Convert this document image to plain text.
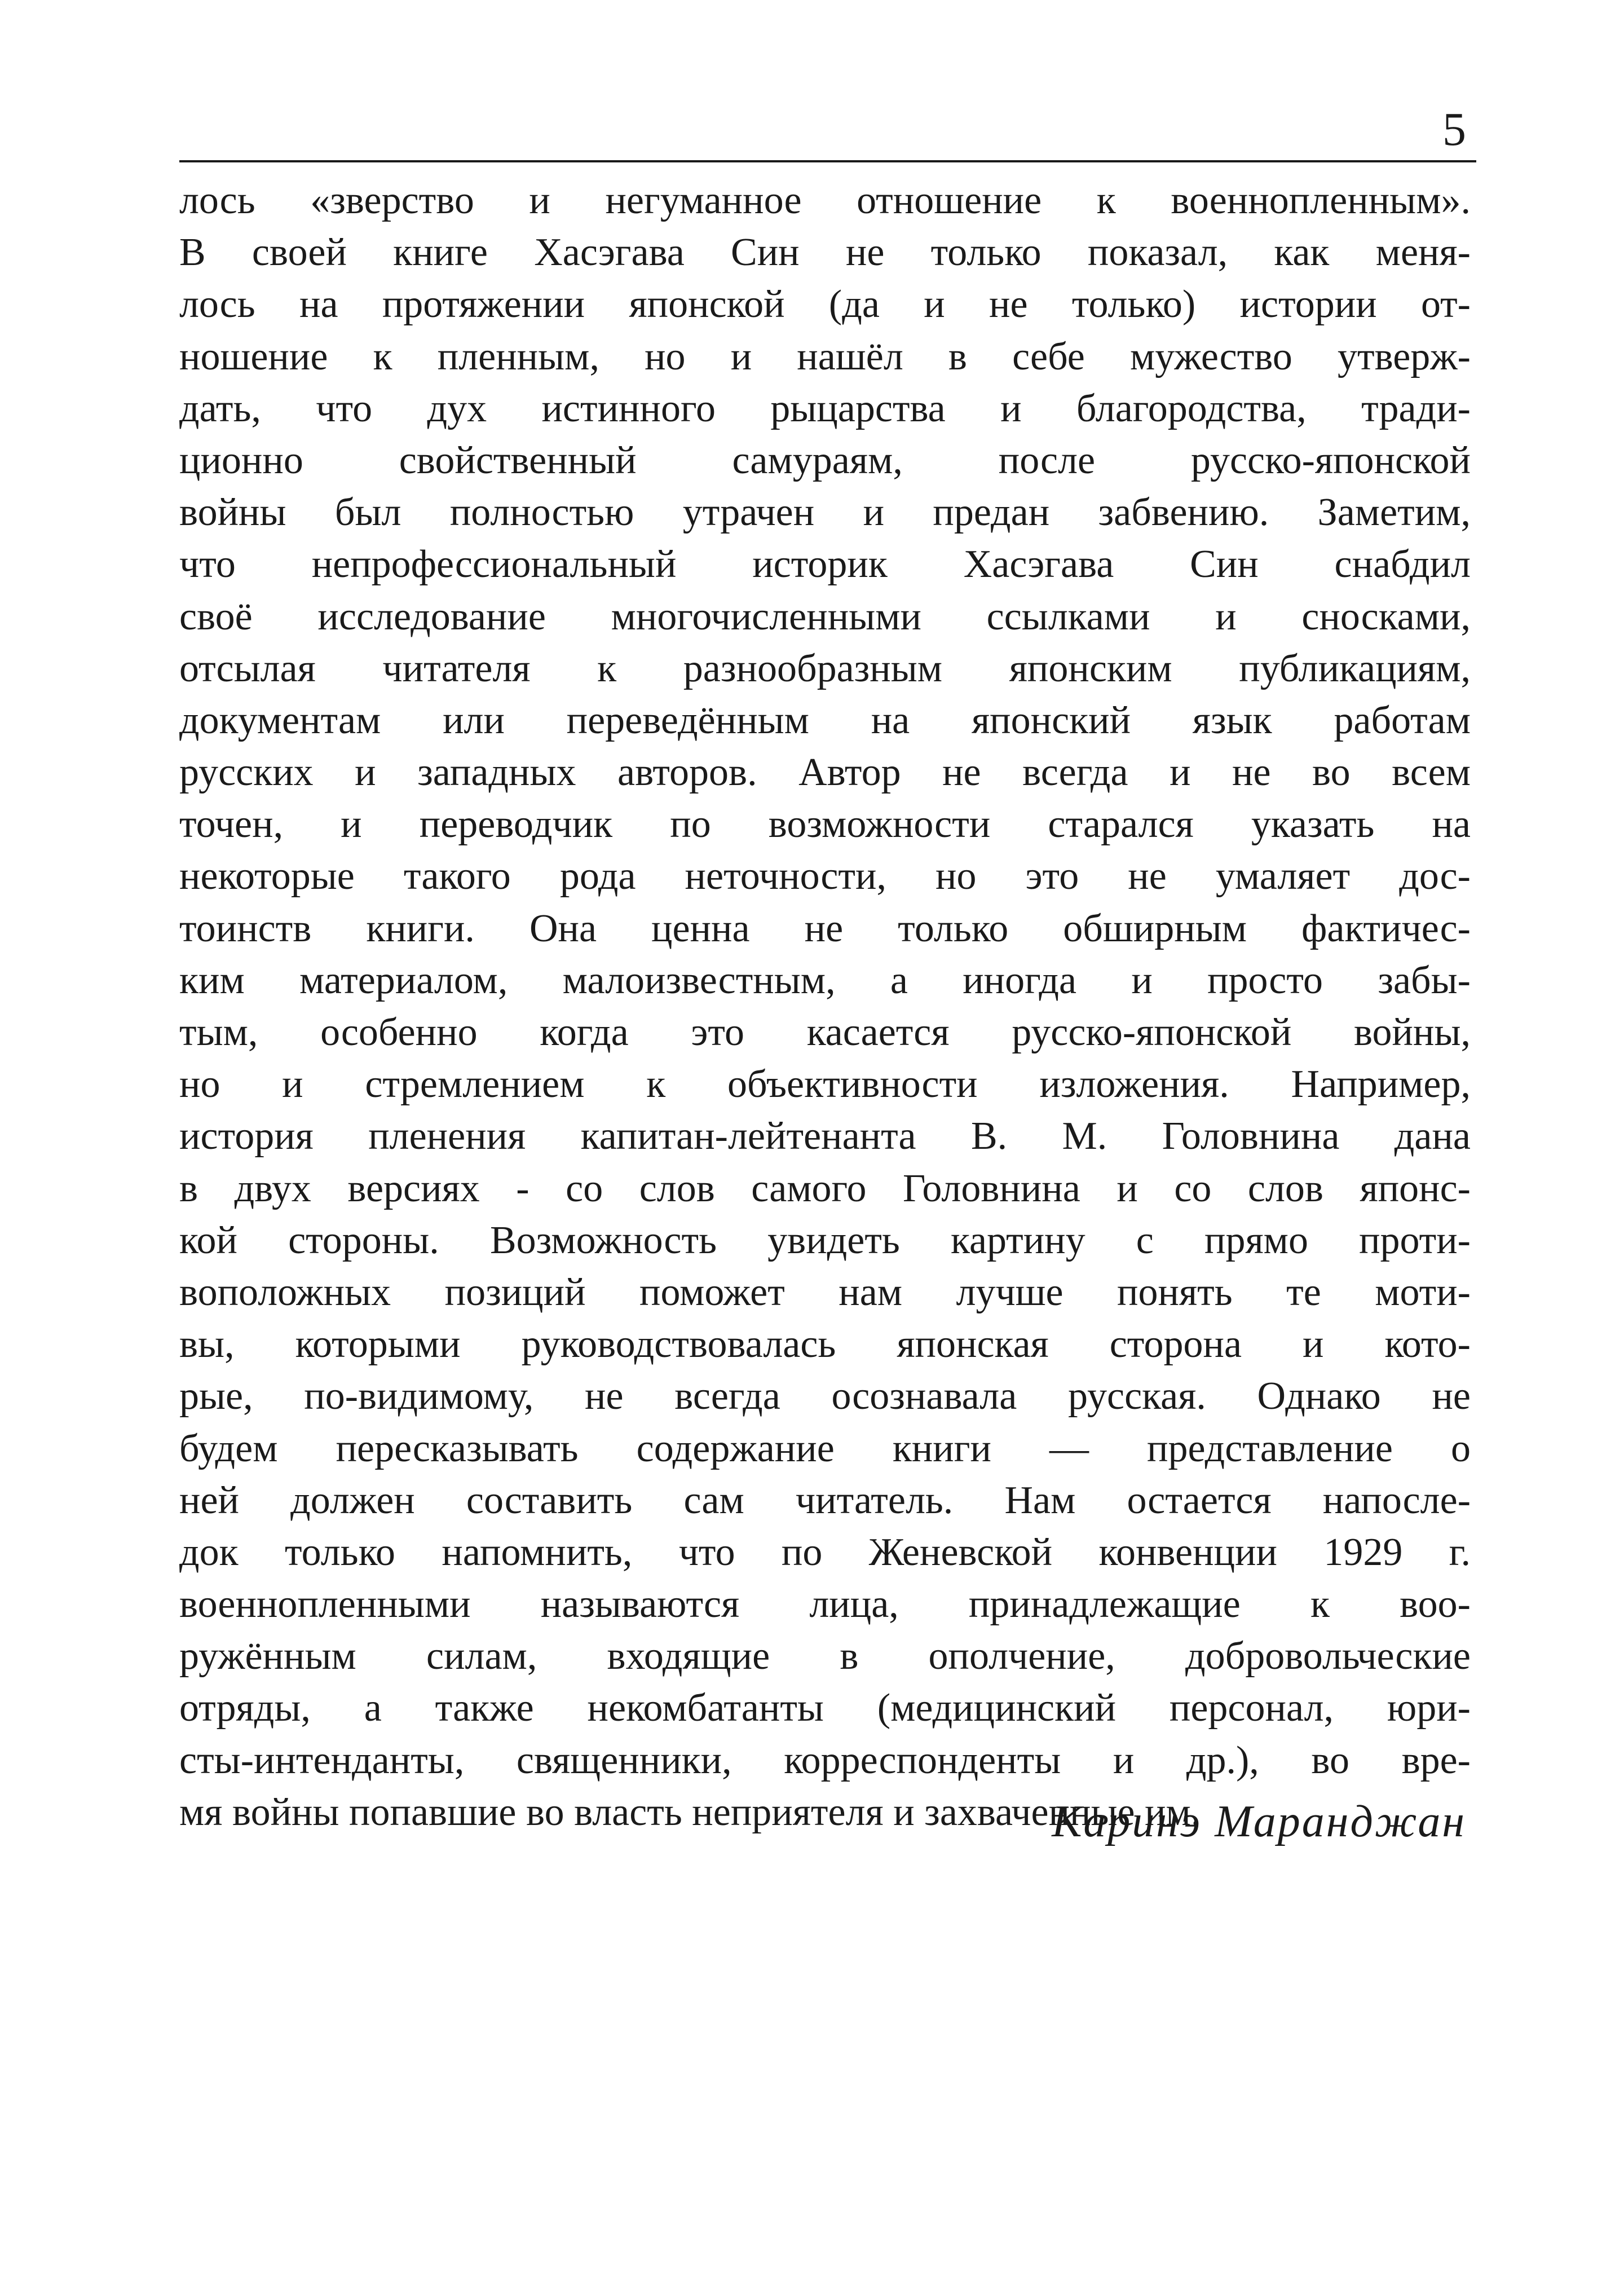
5
лось «зверство и негуманное отношение к военнопленным».
В своей книге Хасэгава Син не только показал, как меня-
лось на протяжении японской (да и не только) истории от-
ношение к пленным, но и нашёл в себе мужество утверж-
дать, что дух истинного рыцарства и благородства, тради-
ционно свойственный самураям, после русско-японской
войны был полностью утрачен и предан забвению. Заметим,
что непрофессиональный историк Хасэгава Син снабдил
своё исследование многочисленными ссылками и сносками,
отсылая читателя к разнообразным японским публикациям,
документам или переведённым на японский язык работам
русских и западных авторов. Автор не всегда и не во всем
точен, и переводчик по возможности старался указать на
некоторые такого рода неточности, но это не умаляет дос-
тоинств книги. Она ценна не только обширным фактичес-
ким материалом, малоизвестным, а иногда и просто забы-
тым, особенно когда это касается русско-японской войны,
но и стремлением к объективности изложения. Например,
история пленения капитан-лейтенанта В. М. Головнина дана
в двух версиях - со слов самого Головнина и со слов японс-
кой стороны. Возможность увидеть картину с прямо проти-
воположных позиций поможет нам лучше понять те моти-
вы, которыми руководствовалась японская сторона и кото-
рые, по-видимому, не всегда осознавала русская. Однако не
будем пересказывать содержание книги — представление о
ней должен составить сам читатель. Нам остается напосле-
док только напомнить, что по Женевской конвенции 1929 г.
военнопленными называются лица, принадлежащие к воо-
ружённым силам, входящие в ополчение, добровольческие
отряды, а также некомбатанты (медицинский персонал, юри-
сты-интенданты, священники, корреспонденты и др.), во вре-
мя войны попавшие во власть неприятеля и захваченные им.
Каринэ Маранджан
